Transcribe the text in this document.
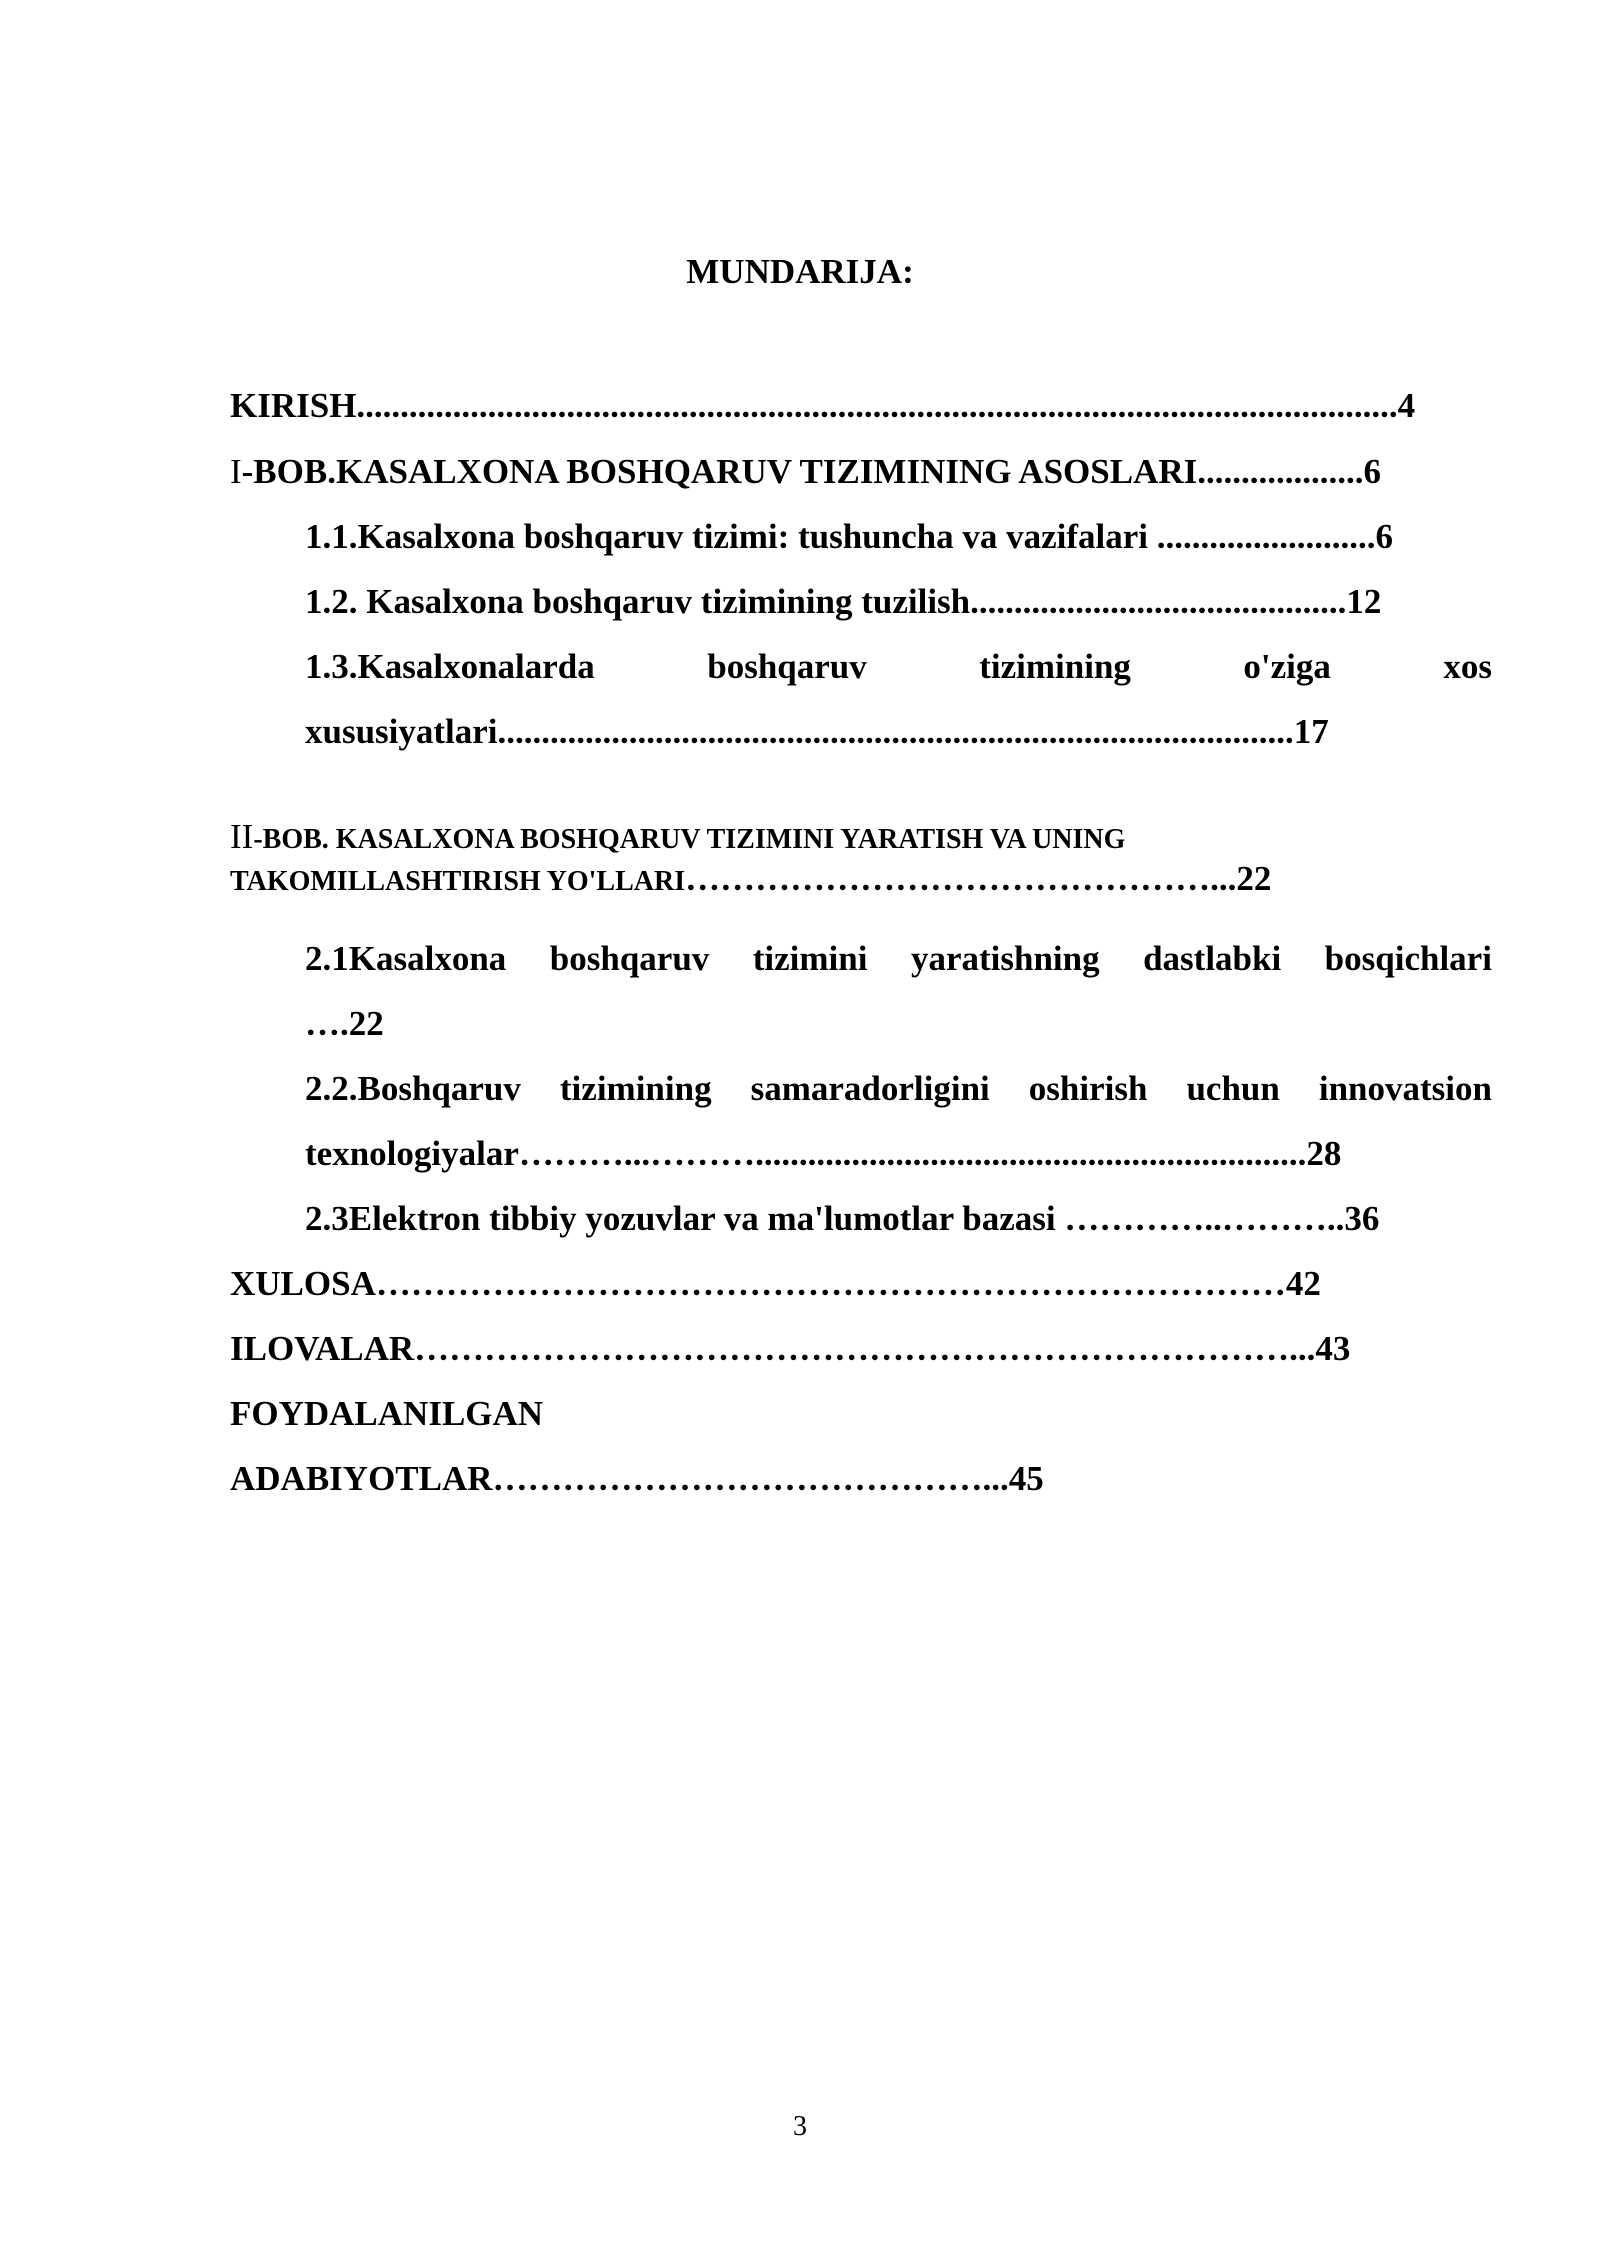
MUNDARIJA:
KIRISH.......................................................................................................................4
I-BOB.KASALXONA BOSHQARUV TIZIMINING ASOSLARI...................6
1.1.Kasalxona boshqaruv tizimi: tushuncha va vazifalari .........................6
1.2. Kasalxona boshqaruv tizimining tuzilish...........................................12
1.3.Kasalxonalarda	boshqaruv	tizimining	o'ziga	xos
xususiyatlari...........................................................................................17
II-BOB. KASALXONA BOSHQARUV TIZIMINI YARATISH VA UNING
TAKOMILLASHTIRISH YO'LLARI………………………………………...22
2.1Kasalxona boshqaruv tizimini yaratishning dastlabki bosqichlari
….22
2.2.Boshqaruv tizimining samaradorligini oshirish uchun innovatsion
texnologiyalar………...………...............................................................28
2.3Elektron tibbiy yozuvlar va ma'lumotlar bazasi …………..………..36
XULOSA……………………………………………………………………42
ILOVALAR…………………………………………………………………...43
FOYDALANILGAN
ADABIYOTLAR……………………………………...45
3
